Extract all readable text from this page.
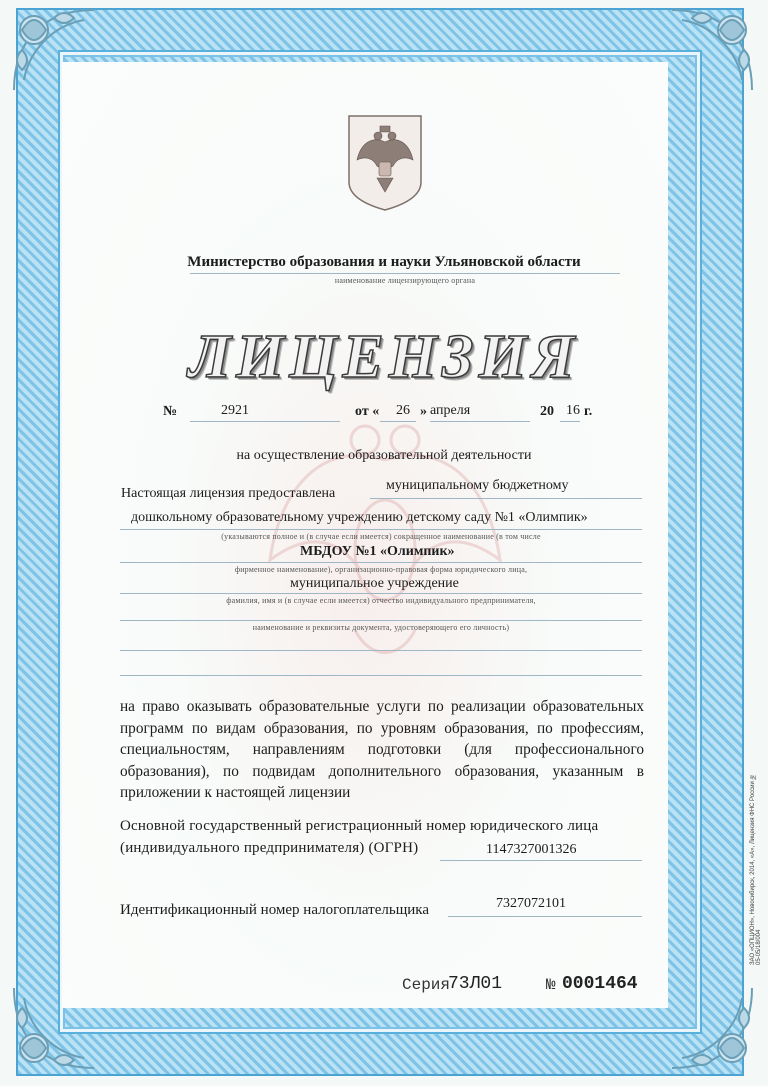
Министерство образования и науки Ульяновской области
наименование лицензирующего органа
ЛИЦЕНЗИЯ
№	2921	от « 26 » апреля	20 16 г.
на осуществление образовательной деятельности
Настоящая лицензия предоставлена
муниципальному бюджетному
дошкольному образовательному учреждению детскому саду №1 «Олимпик»
(указываются полное и (в случае если имеется) сокращенное наименование (в том числе
МБДОУ №1 «Олимпик»
фирменное наименование), организационно-правовая форма юридического лица,
муниципальное учреждение
фамилия, имя и (в случае если имеется) отчество индивидуального предпринимателя,
наименование и реквизиты документа, удостоверяющего его личность)
на право оказывать образовательные услуги по реализации образовательных программ по видам образования, по уровням образования, по профессиям, специальностям, направлениям подготовки (для профессионального образования), по подвидам дополнительного образования, указанным в приложении к настоящей лицензии
Основной государственный регистрационный номер юридического лица
(индивидуального предпринимателя) (ОГРН)	1147327001326
Идентификационный номер налогоплательщика	7327072101
Серия
73Л01	№ 0001464
ЗАО «ОПЦИОН», Новосибирск, 2014, «А», Лицензия ФНС России № 05-05/18/004
